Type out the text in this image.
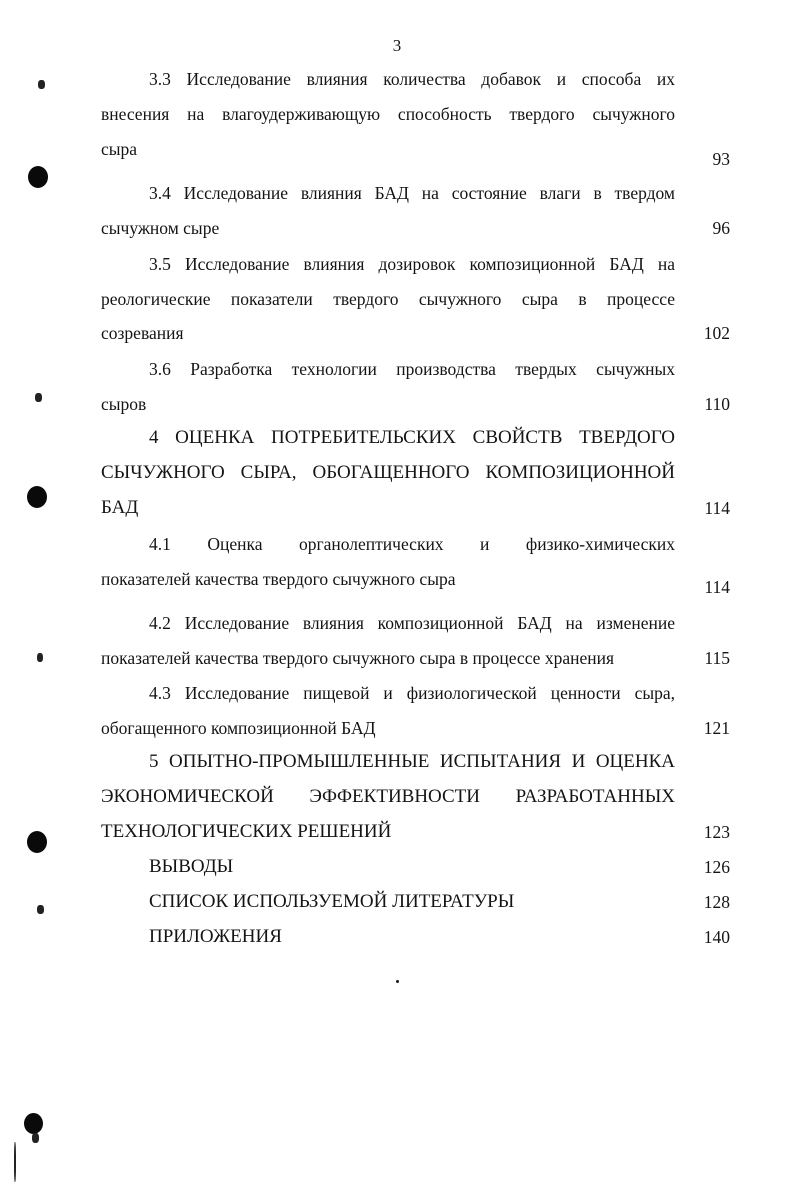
3
3.3 Исследование влияния количества добавок и способа их
внесения на влагоудерживающую способность твердого сычужного
сыра	93
3.4 Исследование влияния БАД на состояние влаги в твердом
сычужном сыре	96
3.5 Исследование влияния дозировок композиционной БАД на
реологические показатели твердого сычужного сыра в процессе
созревания	102
3.6 Разработка технологии производства твердых сычужных
сыров	110
4 ОЦЕНКА ПОТРЕБИТЕЛЬСКИХ СВОЙСТВ ТВЕРДОГО
СЫЧУЖНОГО СЫРА, ОБОГАЩЕННОГО КОМПОЗИЦИОННОЙ
БАД	114
4.1 Оценка органолептических и физико-химических
показателей качества твердого сычужного сыра	114
4.2 Исследование влияния композиционной БАД на изменение
показателей качества твердого сычужного сыра в процессе хранения	115
4.3 Исследование пищевой и физиологической ценности сыра,
обогащенного композиционной БАД	121
5 ОПЫТНО-ПРОМЫШЛЕННЫЕ ИСПЫТАНИЯ И ОЦЕНКА
ЭКОНОМИЧЕСКОЙ ЭФФЕКТИВНОСТИ РАЗРАБОТАННЫХ
ТЕХНОЛОГИЧЕСКИХ РЕШЕНИЙ	123
ВЫВОДЫ	126
СПИСОК ИСПОЛЬЗУЕМОЙ ЛИТЕРАТУРЫ	128
ПРИЛОЖЕНИЯ	140
